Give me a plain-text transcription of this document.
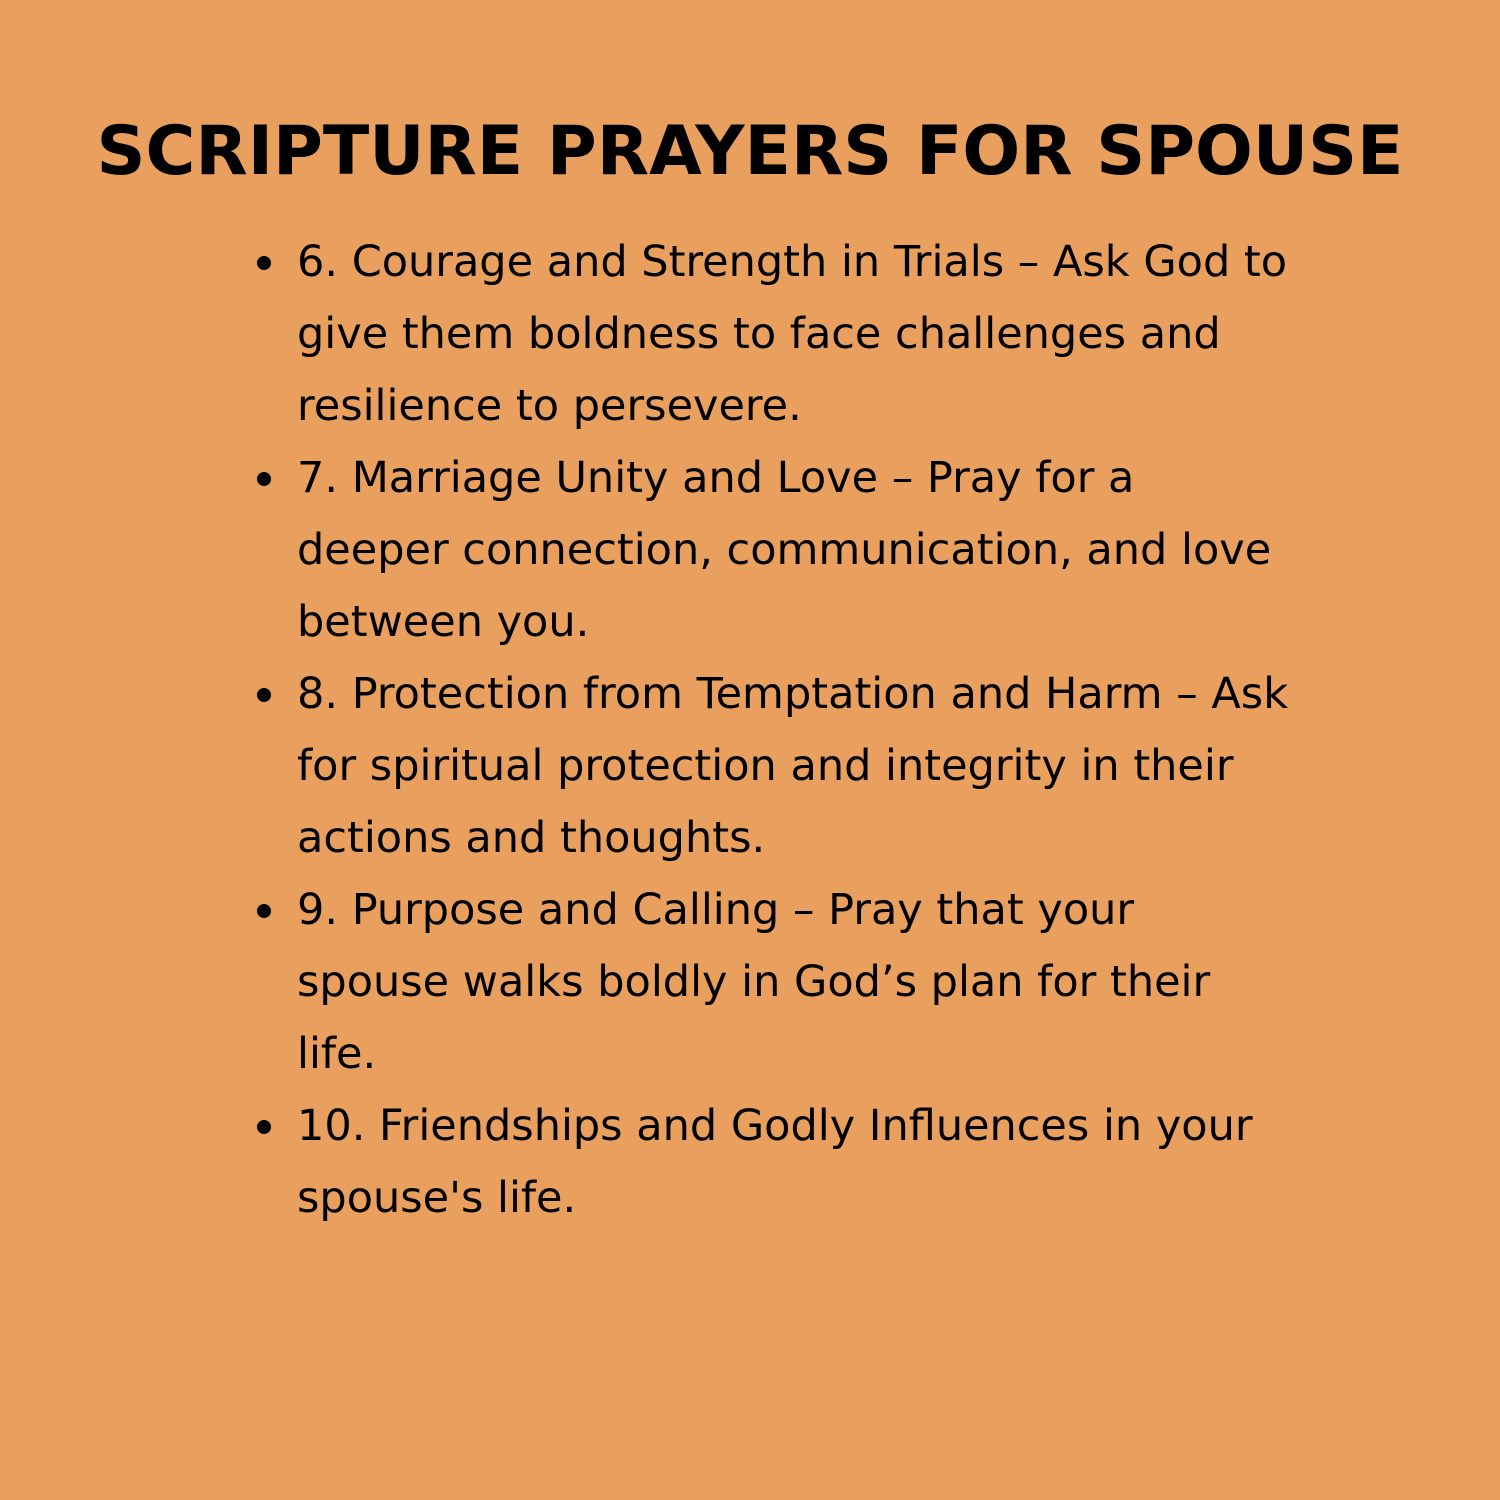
SCRIPTURE PRAYERS FOR SPOUSE
6. Courage and Strength in Trials – Ask God to give them boldness to face challenges and resilience to persevere.
7. Marriage Unity and Love – Pray for a deeper connection, communication, and love between you.
8. Protection from Temptation and Harm – Ask for spiritual protection and integrity in their actions and thoughts.
9. Purpose and Calling – Pray that your spouse walks boldly in God’s plan for their life.
10. Friendships and Godly Influences in your spouse's life.
